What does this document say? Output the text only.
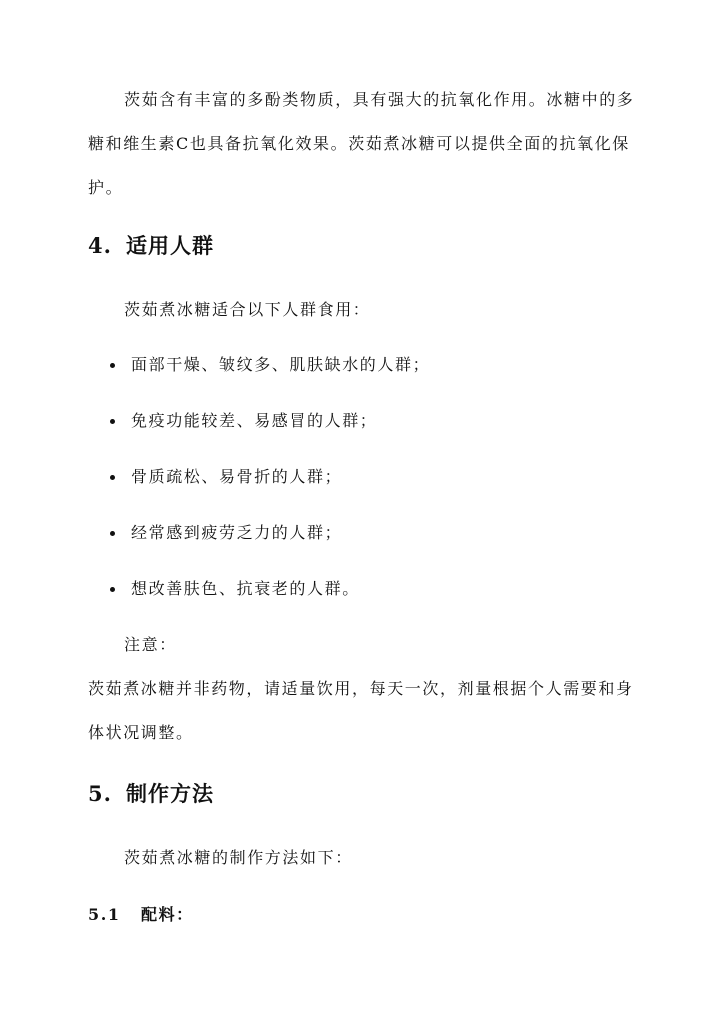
茨茹含有丰富的多酚类物质，具有强大的抗氧化作用。冰糖中的多糖和维生素C也具备抗氧化效果。茨茹煮冰糖可以提供全面的抗氧化保护。

4. 适用人群

茨茹煮冰糖适合以下人群食用：

面部干燥、皱纹多、肌肤缺水的人群；
免疫功能较差、易感冒的人群；
骨质疏松、易骨折的人群；
经常感到疲劳乏力的人群；
想改善肤色、抗衰老的人群。

注意：

茨茹煮冰糖并非药物，请适量饮用，每天一次，剂量根据个人需要和身体状况调整。

5. 制作方法

茨茹煮冰糖的制作方法如下：

5.1 配料：
